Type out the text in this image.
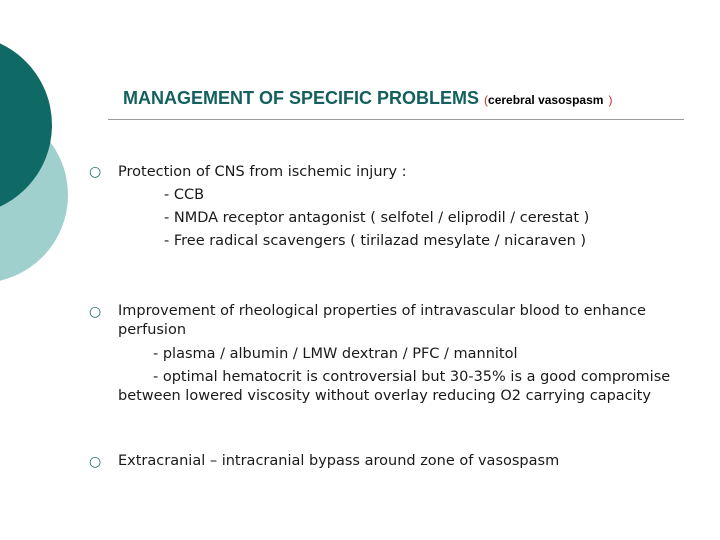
MANAGEMENT OF SPECIFIC PROBLEMS (cerebral vasospasm )
○ Protection of CNS from ischemic injury :
- CCB
- NMDA receptor antagonist ( selfotel / eliprodil / cerestat )
- Free radical scavengers ( tirilazad mesylate / nicaraven )
○ Improvement of rheological properties of intravascular blood to enhance perfusion
- plasma / albumin / LMW dextran / PFC / mannitol
- optimal hematocrit is controversial but 30-35% is a good compromise between lowered viscosity without overlay reducing O2 carrying capacity
○ Extracranial – intracranial bypass around zone of vasospasm
